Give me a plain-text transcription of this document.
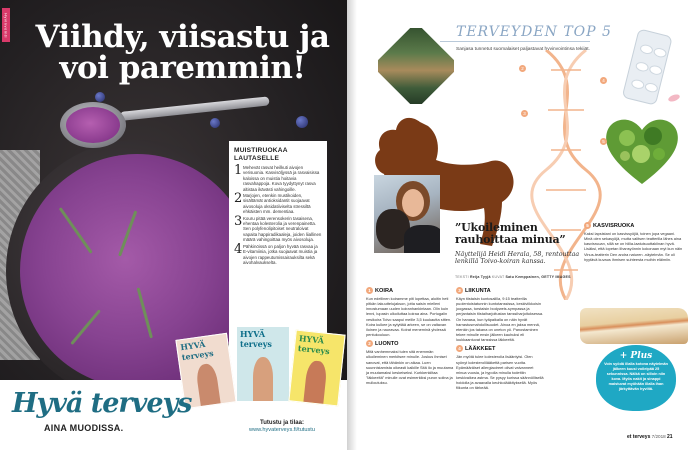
Hyvinvointi Viihdy, viisastu ja
voi paremmin!
MUISTIRUOKAA
LAUTASELLE
1 Mehevät rasvat heilkuti aivojen verisuonia. Kasvisöljyssä ja rasvaisissa kaloissa on muistia hoitavia rasvahappoja. Kova tyydyttynyt rasva altistaa ikävästi vahingoille.
2 Marjojen, etenkin mustikoiden, sisältämät antioksidantit suojaavat aivosoluja oksidatiiviselta stressiltä ehkäisten mm. dementiaa.
3 Kouru pitää verensokerin tasaisena, ehentaa kolesterolia ja verenpainetta. Sen polyfenolipitoiset neutraloivat vapaita happiradikaaleja, joiden liiallinen määrä vahingoittaa myös aivosoluja.
4 Pähkinöissä on paljon hyvää rasvaa ja E-vitamiinia, jotka suojaavat muistia ja aivojen rappeutumissairauksilta sekä aivohalvaukselta.
HYVÄ terveys
HYVÄ terveys	HYVÄ terveys
Hyvä terveys
AINA MUODISSA.	Tutustu ja tilaa:
www.hyvaterveys.fi/tutustu
TERVEYDEN TOP 5
Sanjasa tunnetut suomalaiset paljastavat hyvinvointinsa tekijät.
2
3
4
5
”Ukoileminen rauhoittaa minua”
Näyttelijä Heidi Herala, 58, rentouttaa lenkillä Toivo-koiran kanssa.
TEKSTI Reija Tyyjä KUVAT Satu Kemppainen, GETTY IMAGES
1 KOIRA
Kun edellinen koiramme piti lopettaa, aloitin heti pitkän lakuuttelujakson, jotta saisin mielleni innostumaan uuden koiranhankintaan. Olin kuin lenni, lupasin ulkoiluttaa koiraa aina. Portugalin vesikoira Toivo saapui meille 3,5 kuukautta sitten. Koira kulkee ja sytyttää arkeen, se on valtavan iloinen ja nauravaa. Koirat meneminä yhdessä pentukouluun.
2 LUONTO
Mitä vanhemmaksi tulen sitä enemmän ulkoileminen merkitsee minulle. Joskus ihmiset sanovat, että tähänkin on aikaa. Luen suunnistamista oikeasti kaikille Sitä ilo ja muutama ja muutamaksi keskeiseksi. Kurkkenkiltaa "läkkeeltä" minulle ovat esimerkiksi puron solina ja mulloutuksu.
3 LIIKUNTA
Käyn tiistaisin kuntosalilla, 9:15 teatterilla puolentoistatunnin kuntotanssissa, keskiviikkoisin joogassa, torstaisin bodyweis-sympassa ja perjantaisin tiistaiharjoitustan tanssiharjoituksessa. On hanasa, kun tyäpaikalla on näin hyvät harrastusmahdollisuudet. Ainoa en jaksa mennä, etenkin jos takana on uneton yö. Panostaminen tekee minulle ensin jälkeen kauhuksi eli loukkaantuvat tanssissa läkkeeltä.
4 LÄÄKKEET
Jän myötä tulee kolesterolia lisääntyisi. Olen syönyt kolesterolilääkettä parisen vuotta. Epämääräiset allergiaoireet olivat vaivanneet minua vuosia, ja hypolla minulla todettiin keskivaikea astma. Se pysyy kurissa säännöllisellä hoidolla ja avaavalla keuhkolääkityksellä. Myös fiikunta on tärkeää.
5 KASVISRUOKA
Kaksi lapsistani on kasvissyöjiä, toinen jopa vegaani. Minä olen sekasyöjä, mutta valitsen teatterilla lähes aina kasvisruuan, sillä se on hiilia-laatuisuuttakiinan hyvä. Lisäksi, että lopetan lihansyönnin kokonaan myt kun näin Vinus-teatterin Den andra naturen -näytelmän. Se oli hyytävä kuvaus ihmisen suhteesta muihin eläimiin.
+ Plus
Voin syödä illalla kotona näytelmän jälkeen kuusi voileipää 25 sekunnissa. Nälkä on silloin niin kova. Myös nakit ja sinappi maistuvat myöhään illalla ihan järkyttävän hyviltä.
et terveys 7/2018 21
